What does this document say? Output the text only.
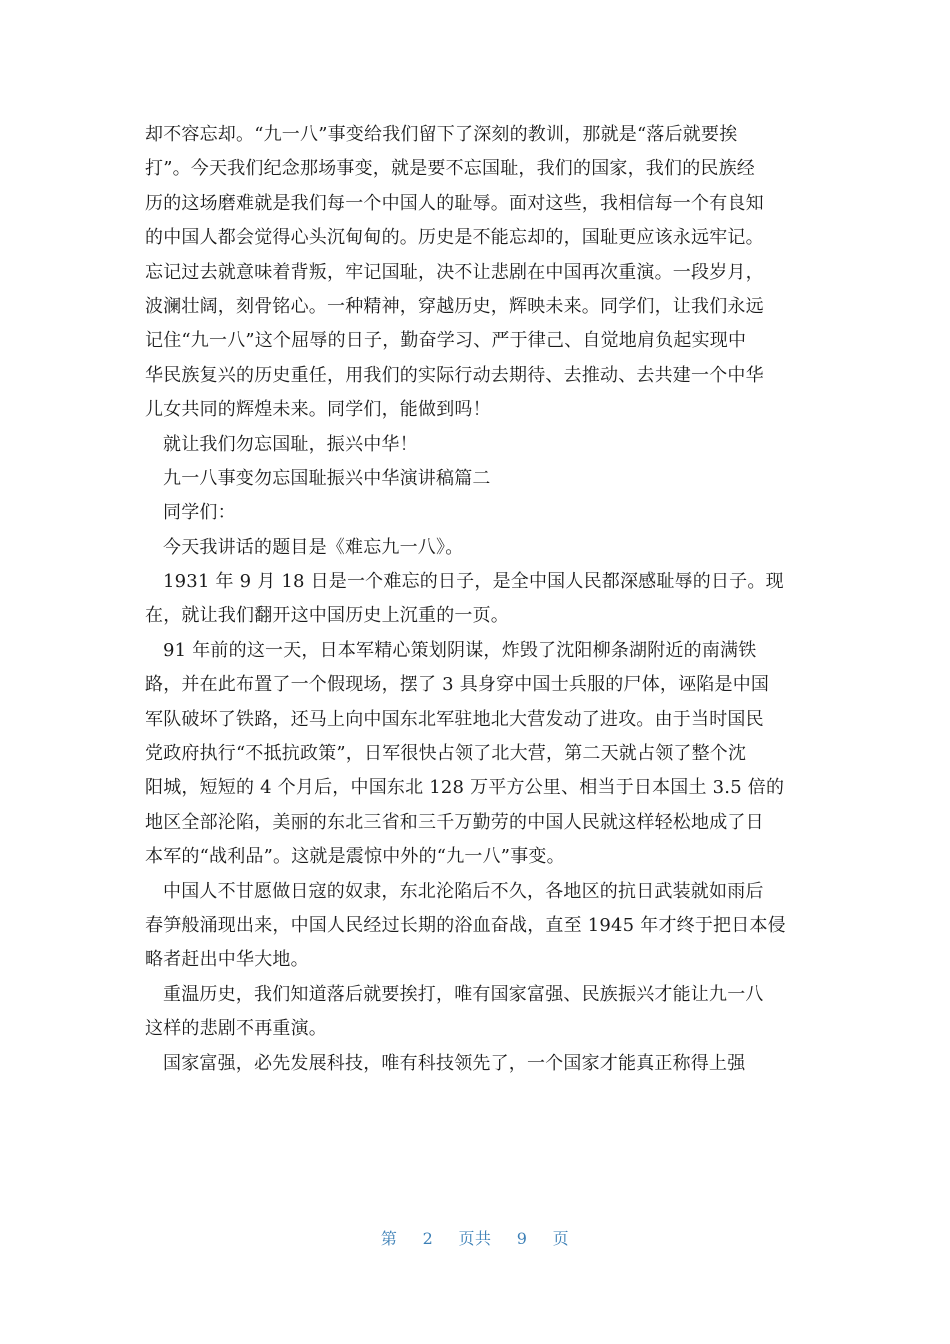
却不容忘却。“九一八”事变给我们留下了深刻的教训，那就是“落后就要挨
打”。今天我们纪念那场事变，就是要不忘国耻，我们的国家，我们的民族经
历的这场磨难就是我们每一个中国人的耻辱。面对这些，我相信每一个有良知
的中国人都会觉得心头沉甸甸的。历史是不能忘却的，国耻更应该永远牢记。
忘记过去就意味着背叛，牢记国耻，决不让悲剧在中国再次重演。一段岁月，
波澜壮阔，刻骨铭心。一种精神，穿越历史，辉映未来。同学们，让我们永远
记住“九一八”这个屈辱的日子，勤奋学习、严于律己、自觉地肩负起实现中
华民族复兴的历史重任，用我们的实际行动去期待、去推动、去共建一个中华
儿女共同的辉煌未来。同学们，能做到吗！
就让我们勿忘国耻，振兴中华！
九一八事变勿忘国耻振兴中华演讲稿篇二
同学们：
今天我讲话的题目是《难忘九一八》。
1931 年 9 月 18 日是一个难忘的日子，是全中国人民都深感耻辱的日子。现
在，就让我们翻开这中国历史上沉重的一页。
91 年前的这一天，日本军精心策划阴谋，炸毁了沈阳柳条湖附近的南满铁
路，并在此布置了一个假现场，摆了 3 具身穿中国士兵服的尸体，诬陷是中国
军队破坏了铁路，还马上向中国东北军驻地北大营发动了进攻。由于当时国民
党政府执行“不抵抗政策”，日军很快占领了北大营，第二天就占领了整个沈
阳城，短短的 4 个月后，中国东北 128 万平方公里、相当于日本国土 3.5 倍的
地区全部沦陷，美丽的东北三省和三千万勤劳的中国人民就这样轻松地成了日
本军的“战利品”。这就是震惊中外的“九一八”事变。
中国人不甘愿做日寇的奴隶，东北沦陷后不久，各地区的抗日武装就如雨后
春笋般涌现出来，中国人民经过长期的浴血奋战，直至 1945 年才终于把日本侵
略者赶出中华大地。
重温历史，我们知道落后就要挨打，唯有国家富强、民族振兴才能让九一八
这样的悲剧不再重演。
国家富强，必先发展科技，唯有科技领先了，一个国家才能真正称得上强
第 2 页共 9 页
